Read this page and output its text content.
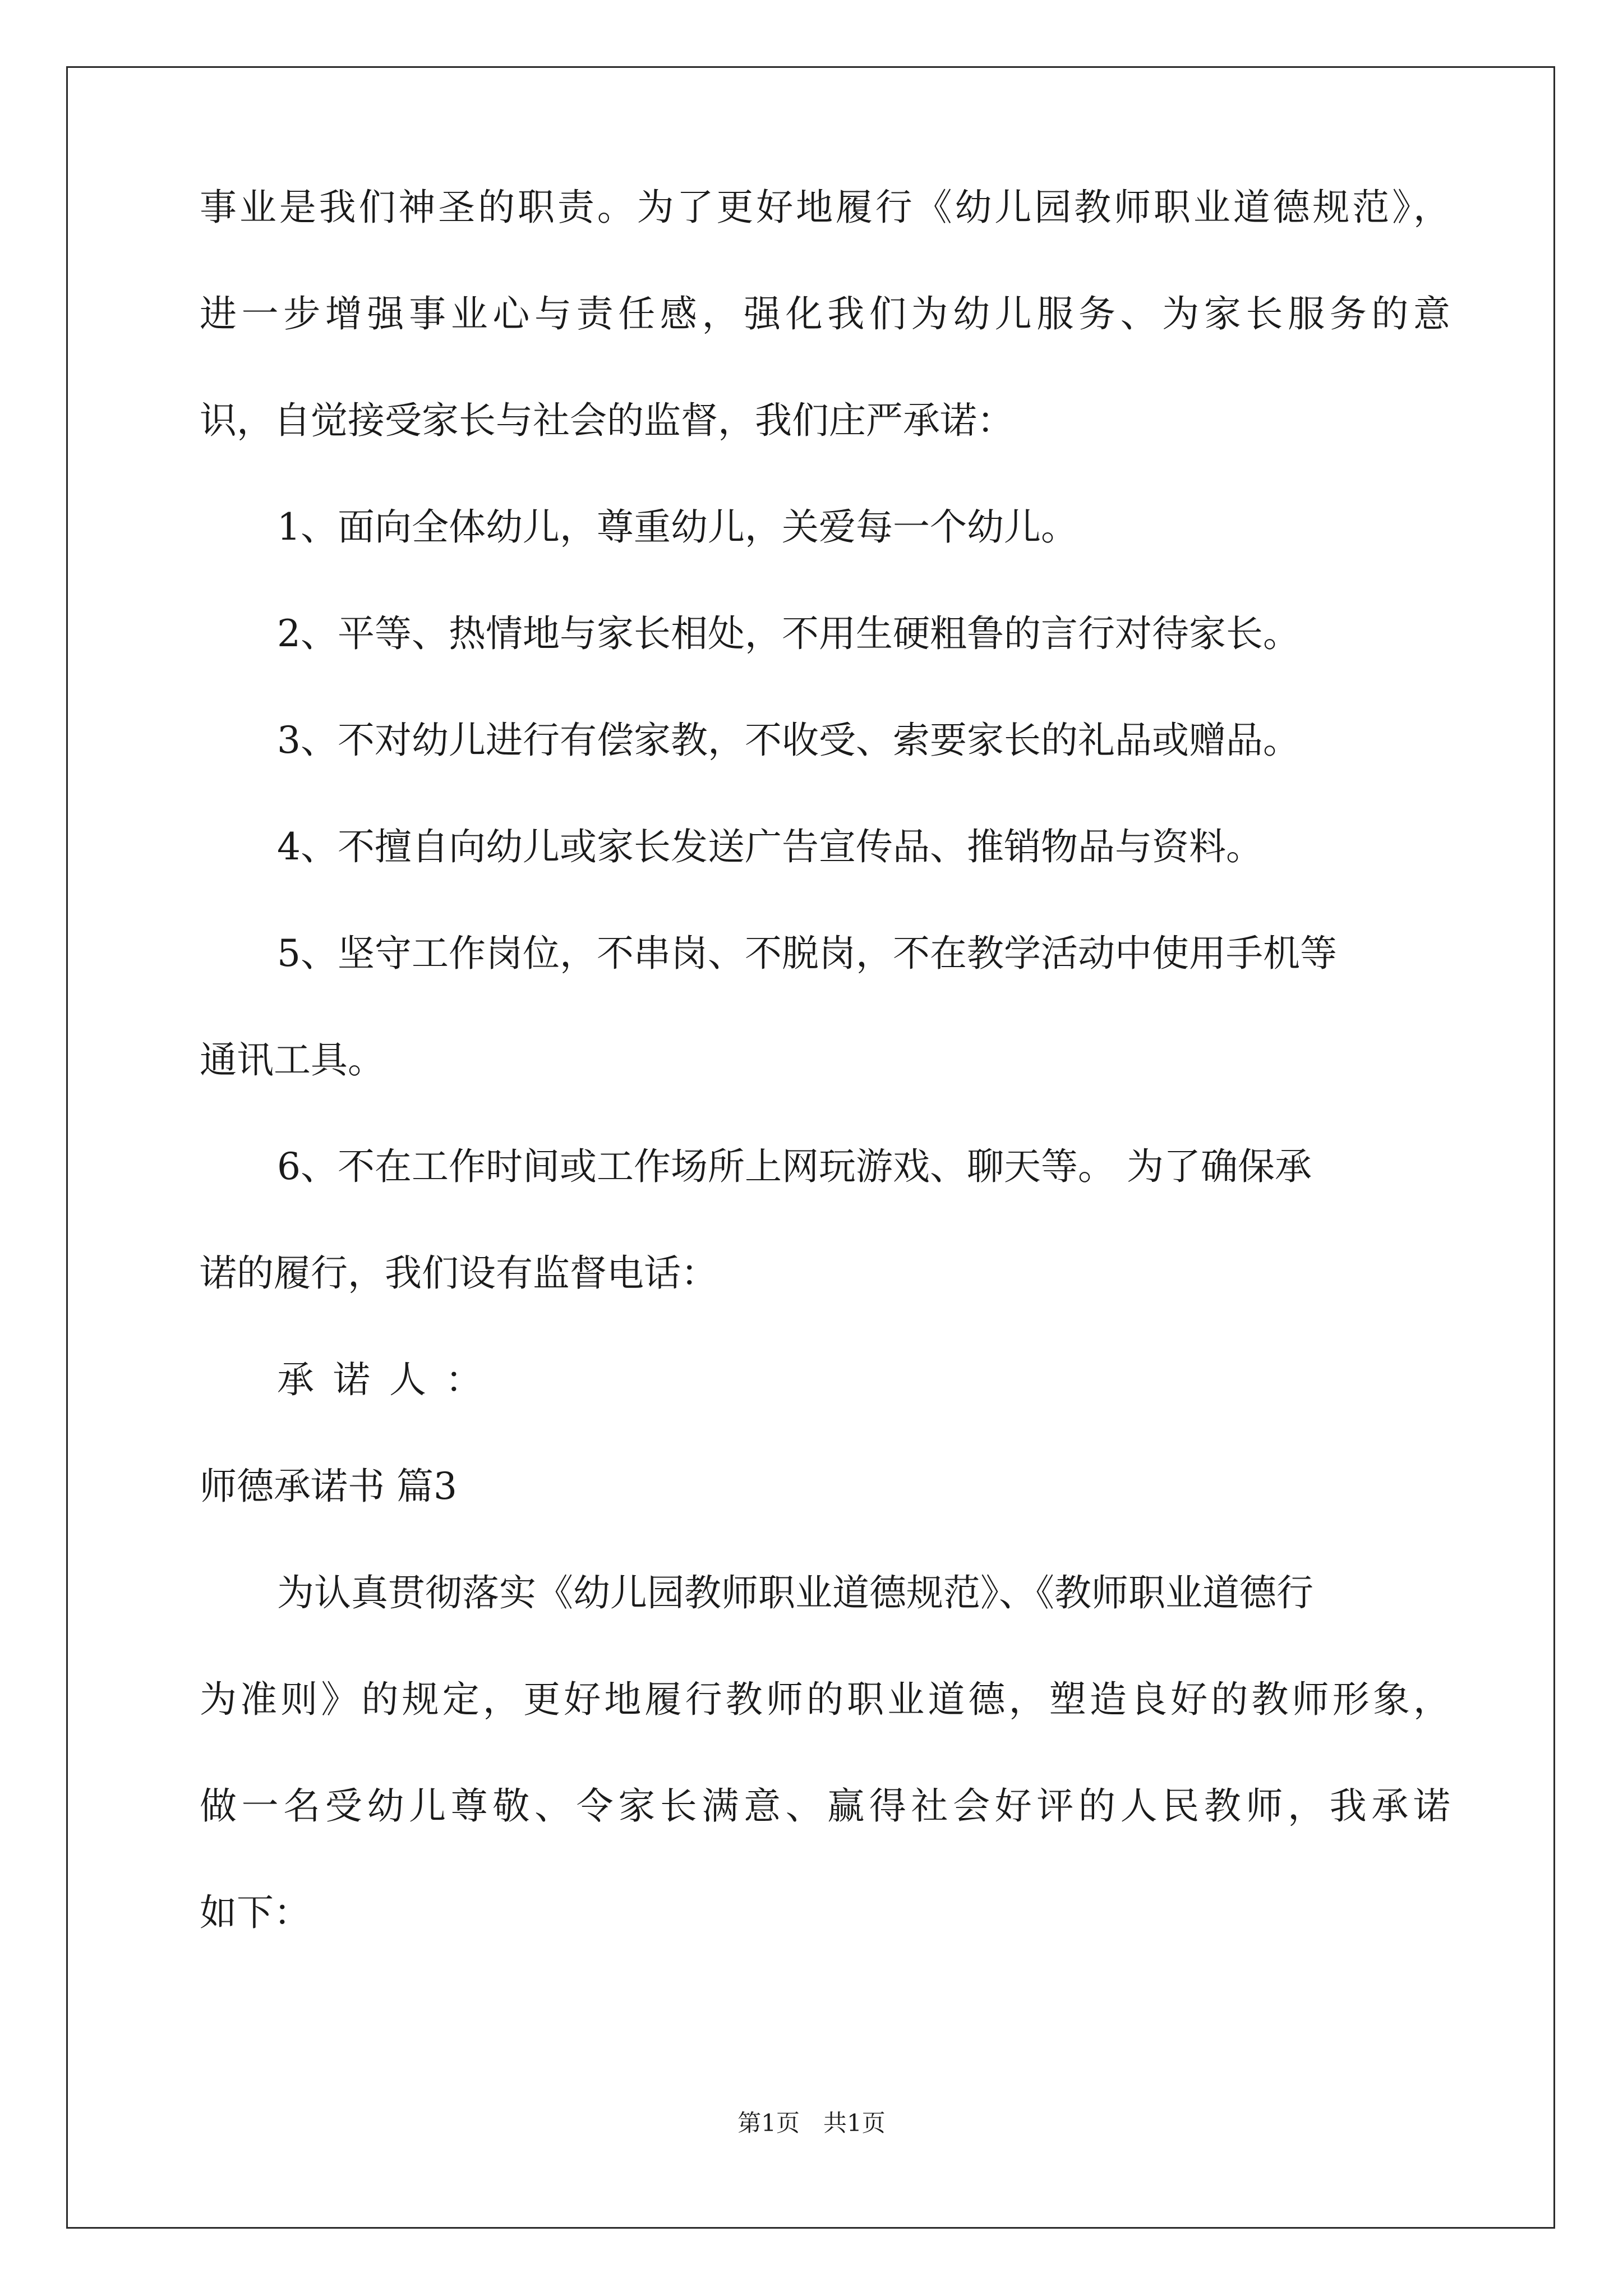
事业是我们神圣的职责。为了更好地履行《幼儿园教师职业道德规范》，
进一步增强事业心与责任感，强化我们为幼儿服务、为家长服务的意
识，自觉接受家长与社会的监督，我们庄严承诺：
1、面向全体幼儿，尊重幼儿，关爱每一个幼儿。
2、平等、热情地与家长相处，不用生硬粗鲁的言行对待家长。
3、不对幼儿进行有偿家教，不收受、索要家长的礼品或赠品。
4、不擅自向幼儿或家长发送广告宣传品、推销物品与资料。
5、坚守工作岗位，不串岗、不脱岗，不在教学活动中使用手机等
通讯工具。
6、不在工作时间或工作场所上网玩游戏、聊天等。 为了确保承
诺的履行，我们设有监督电话：
承诺人：
师德承诺书 篇3
为认真贯彻落实《幼儿园教师职业道德规范》、《教师职业道德行
为准则》的规定，更好地履行教师的职业道德，塑造良好的教师形象，
做一名受幼儿尊敬、令家长满意、赢得社会好评的人民教师，我承诺
如下：
第1页　共1页
